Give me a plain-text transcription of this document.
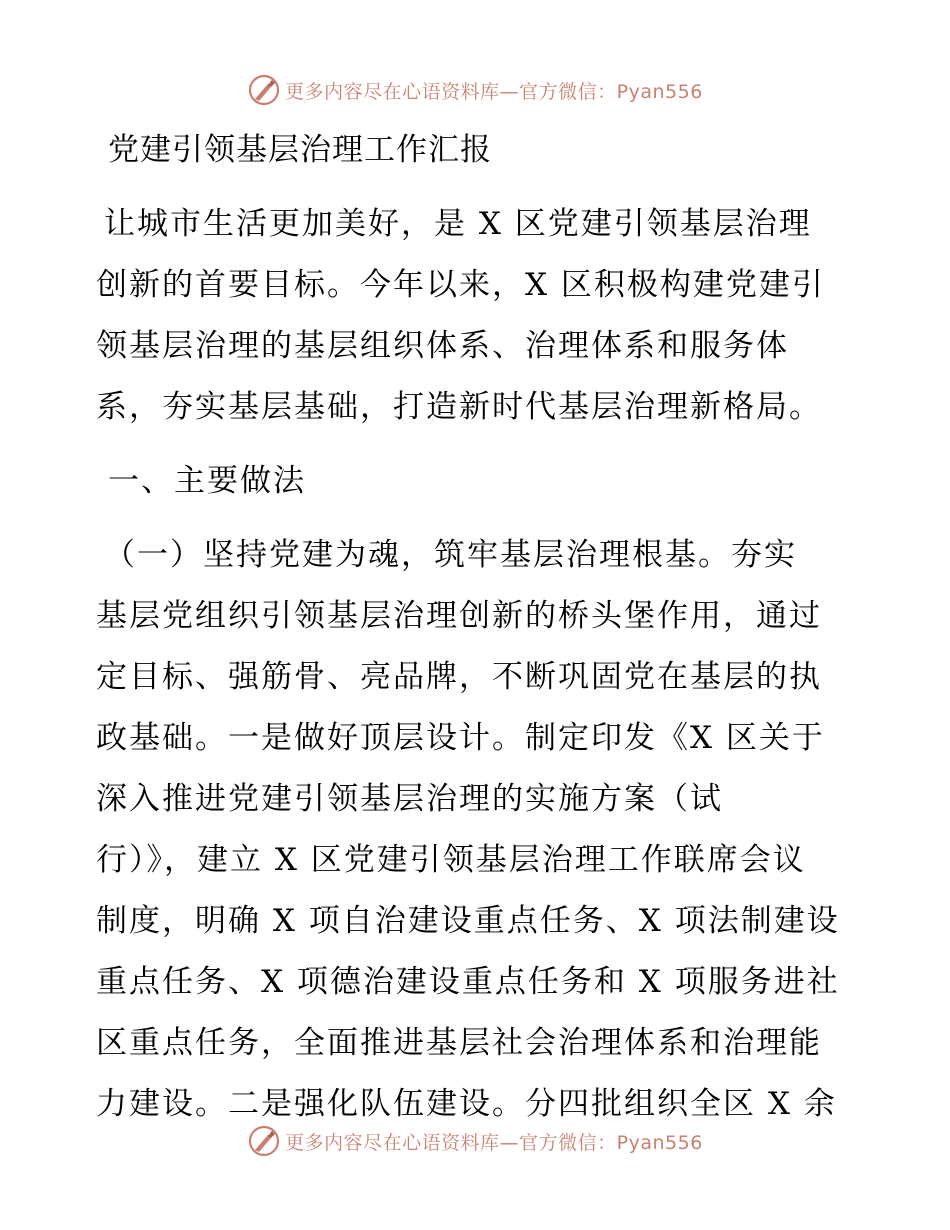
更多内容尽在心语资料库—官方微信：Pyan556
党建引领基层治理工作汇报
让城市生活更加美好，是 X 区党建引领基层治理
创新的首要目标。今年以来，X 区积极构建党建引
领基层治理的基层组织体系、治理体系和服务体
系，夯实基层基础，打造新时代基层治理新格局。
一、主要做法
（一）坚持党建为魂，筑牢基层治理根基。夯实
基层党组织引领基层治理创新的桥头堡作用，通过
定目标、强筋骨、亮品牌，不断巩固党在基层的执
政基础。一是做好顶层设计。制定印发《X 区关于
深入推进党建引领基层治理的实施方案（试
行）》，建立 X 区党建引领基层治理工作联席会议
制度，明确 X 项自治建设重点任务、X 项法制建设
重点任务、X 项德治建设重点任务和 X 项服务进社
区重点任务，全面推进基层社会治理体系和治理能
力建设。二是强化队伍建设。分四批组织全区 X 余
更多内容尽在心语资料库—官方微信：Pyan556
